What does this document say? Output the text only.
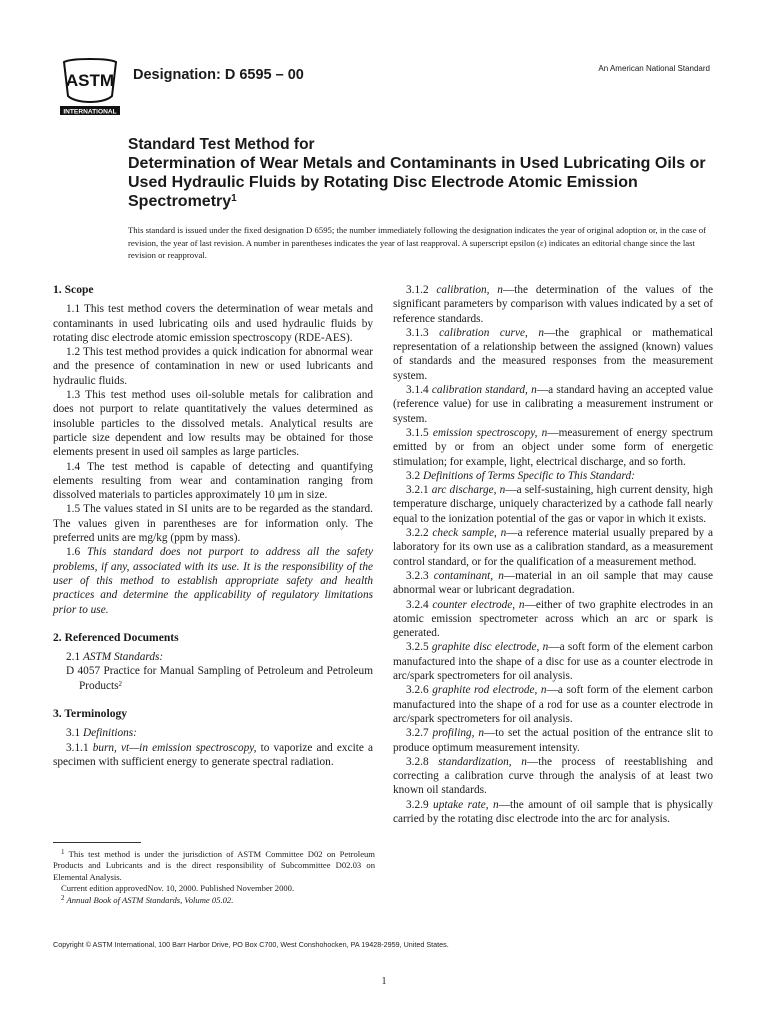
ASTM
INTERNATIONAL
Designation: D 6595 – 00	An American National Standard
Standard Test Method for
Determination of Wear Metals and Contaminants in Used Lubricating Oils or Used Hydraulic Fluids by Rotating Disc Electrode Atomic Emission Spectrometry$^1$
This standard is issued under the fixed designation D 6595; the number immediately following the designation indicates the year of original adoption or, in the case of revision, the year of last revision. A number in parentheses indicates the year of last reapproval. A superscript epsilon (ε) indicates an editorial change since the last revision or reapproval.
1. Scope
1.1 This test method covers the determination of wear metals and contaminants in used lubricating oils and used hydraulic fluids by rotating disc electrode atomic emission spectroscopy (RDE-AES).
1.2 This test method provides a quick indication for abnormal wear and the presence of contamination in new or used lubricants and hydraulic fluids.
1.3 This test method uses oil-soluble metals for calibration and does not purport to relate quantitatively the values determined as insoluble particles to the dissolved metals. Analytical results are particle size dependent and low results may be obtained for those elements present in used oil samples as large particles.
1.4 The test method is capable of detecting and quantifying elements resulting from wear and contamination ranging from dissolved materials to particles approximately 10 μm in size.
1.5 The values stated in SI units are to be regarded as the standard. The values given in parentheses are for information only. The preferred units are mg/kg (ppm by mass).
1.6 This standard does not purport to address all the safety problems, if any, associated with its use. It is the responsibility of the user of this method to establish appropriate safety and health practices and determine the applicability of regulatory limitations prior to use.
2. Referenced Documents
2.1 ASTM Standards:
D 4057 Practice for Manual Sampling of Petroleum and Petroleum Products$^2$
3. Terminology
3.1 Definitions:
3.1.1 burn, vt—in emission spectroscopy, to vaporize and excite a specimen with sufficient energy to generate spectral radiation.
3.1.2 calibration, n—the determination of the values of the significant parameters by comparison with values indicated by a set of reference standards.
3.1.3 calibration curve, n—the graphical or mathematical representation of a relationship between the assigned (known) values of standards and the measured responses from the measurement system.
3.1.4 calibration standard, n—a standard having an accepted value (reference value) for use in calibrating a measurement instrument or system.
3.1.5 emission spectroscopy, n—measurement of energy spectrum emitted by or from an object under some form of energetic stimulation; for example, light, electrical discharge, and so forth.
3.2 Definitions of Terms Specific to This Standard:
3.2.1 arc discharge, n—a self-sustaining, high current density, high temperature discharge, uniquely characterized by a cathode fall nearly equal to the ionization potential of the gas or vapor in which it exists.
3.2.2 check sample, n—a reference material usually prepared by a laboratory for its own use as a calibration standard, as a measurement control standard, or for the qualification of a measurement method.
3.2.3 contaminant, n—material in an oil sample that may cause abnormal wear or lubricant degradation.
3.2.4 counter electrode, n—either of two graphite electrodes in an atomic emission spectrometer across which an arc or spark is generated.
3.2.5 graphite disc electrode, n—a soft form of the element carbon manufactured into the shape of a disc for use as a counter electrode in arc/spark spectrometers for oil analysis.
3.2.6 graphite rod electrode, n—a soft form of the element carbon manufactured into the shape of a rod for use as a counter electrode in arc/spark spectrometers for oil analysis.
3.2.7 profiling, n—to set the actual position of the entrance slit to produce optimum measurement intensity.
3.2.8 standardization, n—the process of reestablishing and correcting a calibration curve through the analysis of at least two known oil standards.
3.2.9 uptake rate, n—the amount of oil sample that is physically carried by the rotating disc electrode into the arc for analysis.
$^1$ This test method is under the jurisdiction of ASTM Committee D02 on Petroleum Products and Lubricants and is the direct responsibility of Subcommittee D02.03 on Elemental Analysis.
Current edition approvedNov. 10, 2000. Published November 2000.
$^2$ Annual Book of ASTM Standards, Volume 05.02.
Copyright © ASTM International, 100 Barr Harbor Drive, PO Box C700, West Conshohocken, PA 19428-2959, United States.
1
